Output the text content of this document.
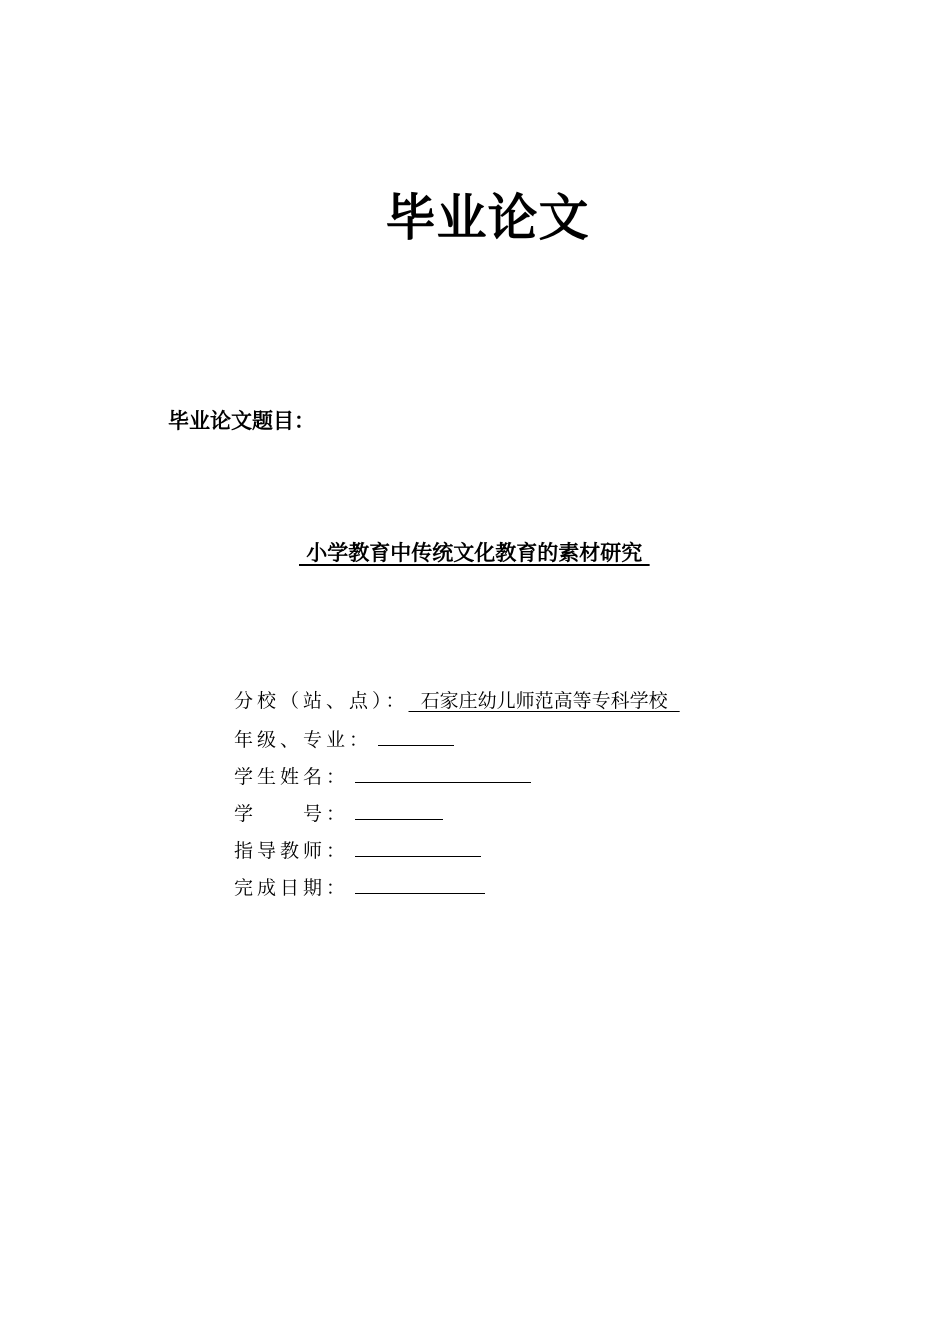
毕业论文
毕业论文题目：
小学教育中传统文化教育的素材研究
分校（站、点）：  石家庄幼儿师范高等专科学校
年级、专业：
学生姓名：
学　　号：
指导教师：
完成日期：
